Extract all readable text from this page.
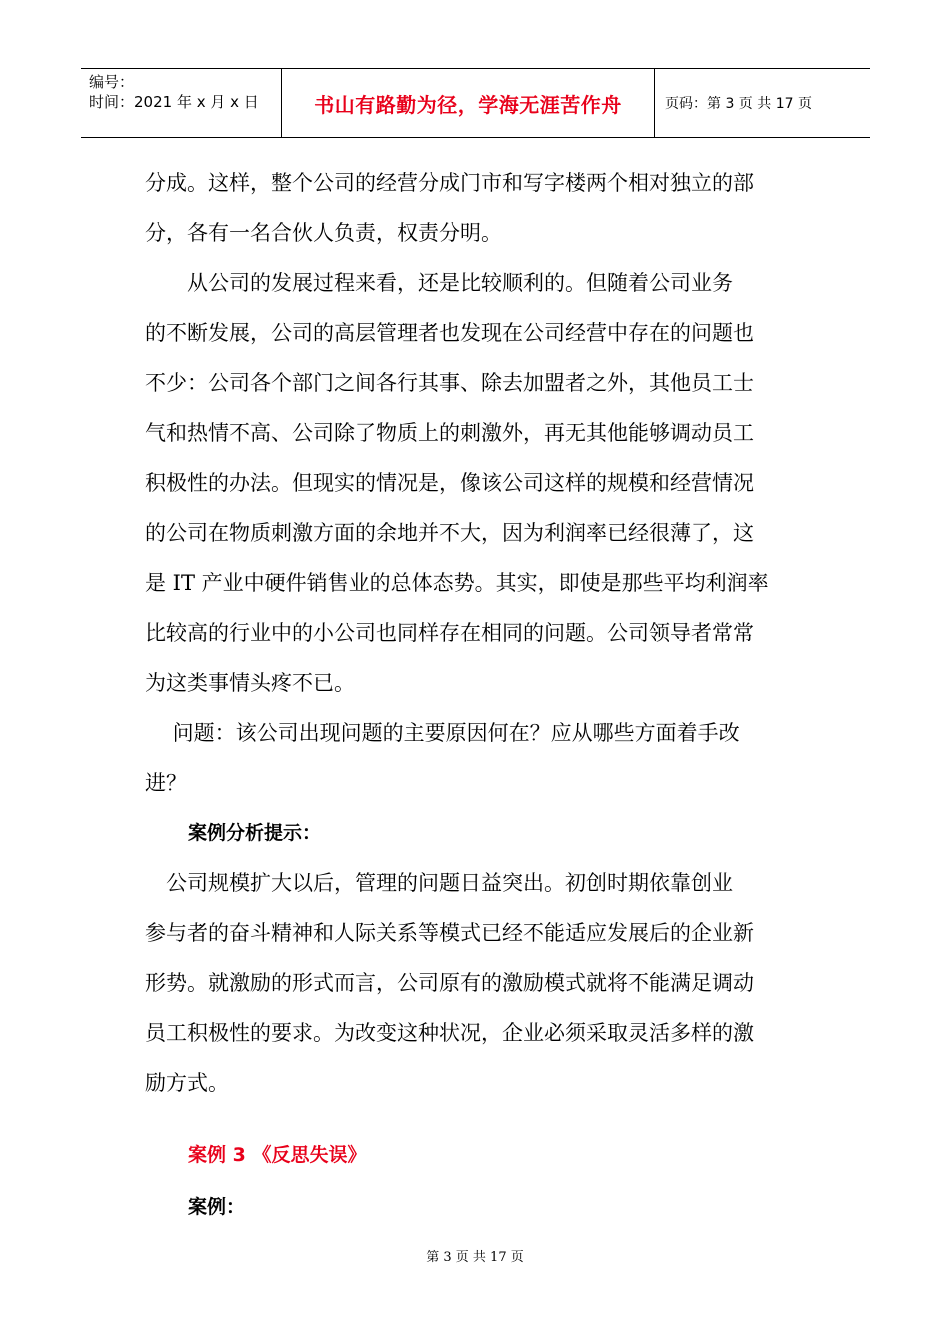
编号：
时间：2021 年 x 月 x 日	书山有路勤为径，学海无涯苦作舟	页码：第 3 页 共 17 页
分成。这样，整个公司的经营分成门市和写字楼两个相对独立的部
分，各有一名合伙人负责，权责分明。
　　从公司的发展过程来看，还是比较顺利的。但随着公司业务
的不断发展，公司的高层管理者也发现在公司经营中存在的问题也
不少：公司各个部门之间各行其事、除去加盟者之外，其他员工士
气和热情不高、公司除了物质上的刺激外，再无其他能够调动员工
积极性的办法。但现实的情况是，像该公司这样的规模和经营情况
的公司在物质刺激方面的余地并不大，因为利润率已经很薄了，这
是 IT 产业中硬件销售业的总体态势。其实，即使是那些平均利润率
比较高的行业中的小公司也同样存在相同的问题。公司领导者常常
为这类事情头疼不已。
　 问题：该公司出现问题的主要原因何在？应从哪些方面着手改
进？
案例分析提示：
　公司规模扩大以后，管理的问题日益突出。初创时期依靠创业
参与者的奋斗精神和人际关系等模式已经不能适应发展后的企业新
形势。就激励的形式而言，公司原有的激励模式就将不能满足调动
员工积极性的要求。为改变这种状况，企业必须采取灵活多样的激
励方式。
案例 3 《反思失误》
案例：
第 3 页 共 17 页
